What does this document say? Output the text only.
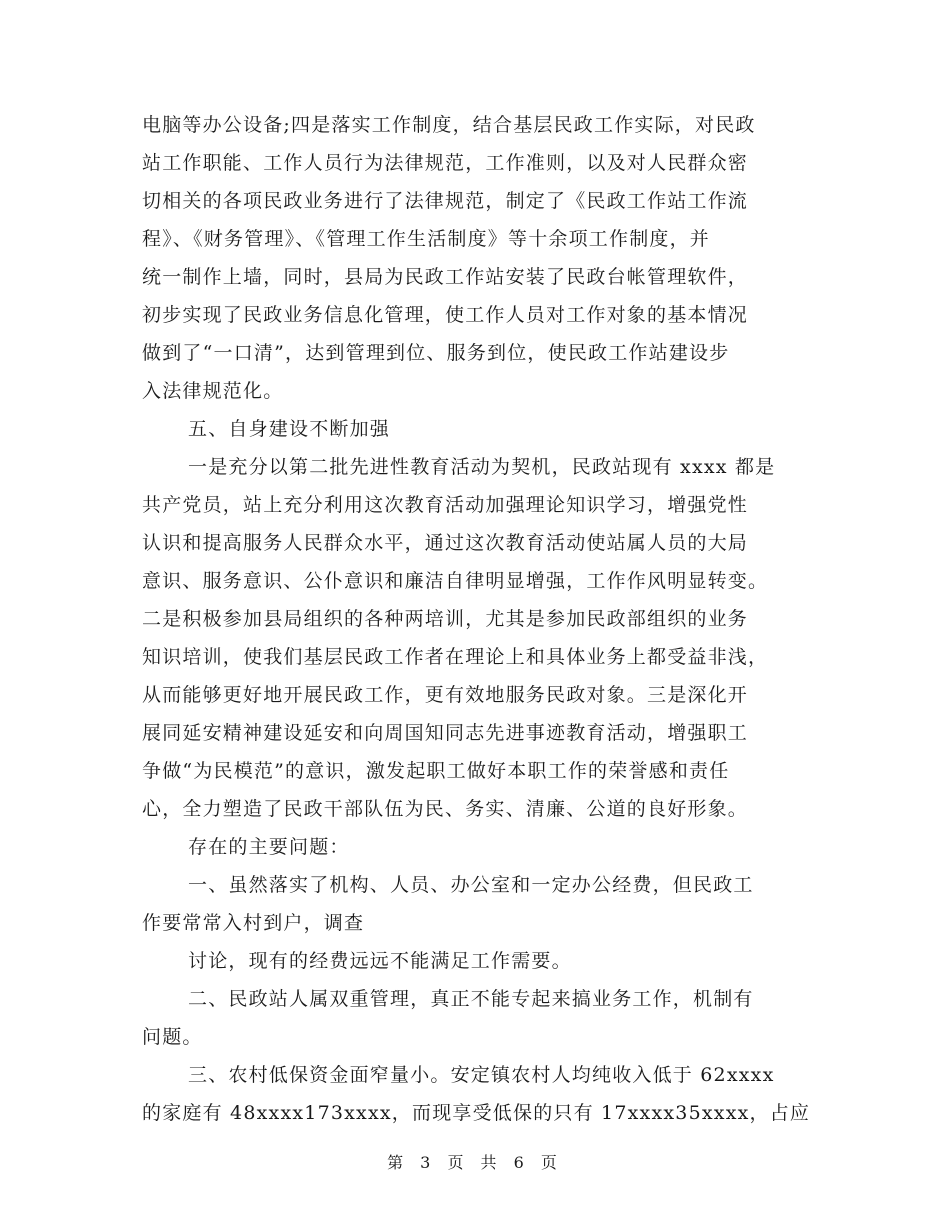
电脑等办公设备;四是落实工作制度，结合基层民政工作实际，对民政
站工作职能、工作人员行为法律规范，工作准则，以及对人民群众密
切相关的各项民政业务进行了法律规范，制定了《民政工作站工作流
程》、《财务管理》、《管理工作生活制度》等十余项工作制度，并
统一制作上墙，同时，县局为民政工作站安装了民政台帐管理软件，
初步实现了民政业务信息化管理，使工作人员对工作对象的基本情况
做到了“一口清”，达到管理到位、服务到位，使民政工作站建设步
入法律规范化。
五、自身建设不断加强
一是充分以第二批先进性教育活动为契机，民政站现有 xxxx 都是
共产党员，站上充分利用这次教育活动加强理论知识学习，增强党性
认识和提高服务人民群众水平，通过这次教育活动使站属人员的大局
意识、服务意识、公仆意识和廉洁自律明显增强，工作作风明显转变。
二是积极参加县局组织的各种两培训，尤其是参加民政部组织的业务
知识培训，使我们基层民政工作者在理论上和具体业务上都受益非浅，
从而能够更好地开展民政工作，更有效地服务民政对象。三是深化开
展同延安精神建设延安和向周国知同志先进事迹教育活动，增强职工
争做“为民模范”的意识，激发起职工做好本职工作的荣誉感和责任
心，全力塑造了民政干部队伍为民、务实、清廉、公道的良好形象。
存在的主要问题：
一、虽然落实了机构、人员、办公室和一定办公经费，但民政工
作要常常入村到户，调查
讨论，现有的经费远远不能满足工作需要。
二、民政站人属双重管理，真正不能专起来搞业务工作，机制有
问题。
三、农村低保资金面窄量小。安定镇农村人均纯收入低于 62xxxx
的家庭有 48xxxx173xxxx，而现享受低保的只有 17xxxx35xxxx，占应
第 3 页 共 6 页
